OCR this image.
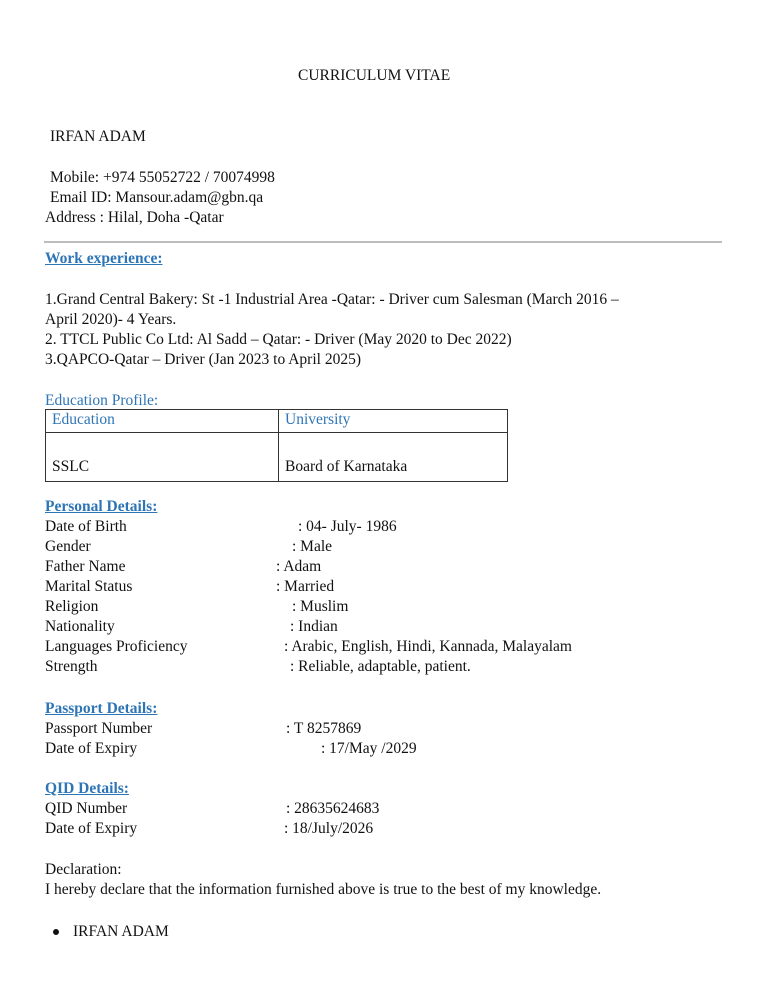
CURRICULUM VITAE
IRFAN ADAM
Mobile: +974 55052722 / 70074998
Email ID: Mansour.adam@gbn.qa
Address : Hilal, Doha -Qatar
Work experience:
1.Grand Central Bakery: St -1 Industrial Area -Qatar: - Driver cum Salesman (March 2016 –
April 2020)- 4 Years.
2. TTCL Public Co Ltd: Al Sadd – Qatar: - Driver (May 2020 to Dec 2022)
3.QAPCO-Qatar – Driver (Jan 2023 to April 2025)
Education Profile:
Education	University
SSLC	Board of Karnataka
Personal Details:
Date of Birth	: 04- July- 1986
Gender	: Male
Father Name	: Adam
Marital Status	: Married
Religion	: Muslim
Nationality	: Indian
Languages Proficiency	: Arabic, English, Hindi, Kannada, Malayalam
Strength	: Reliable, adaptable, patient.
Passport Details:
Passport Number	: T 8257869
Date of Expiry	: 17/May /2029
QID Details:
QID Number	: 28635624683
Date of Expiry	: 18/July/2026
Declaration:
I hereby declare that the information furnished above is true to the best of my knowledge.
IRFAN ADAM
